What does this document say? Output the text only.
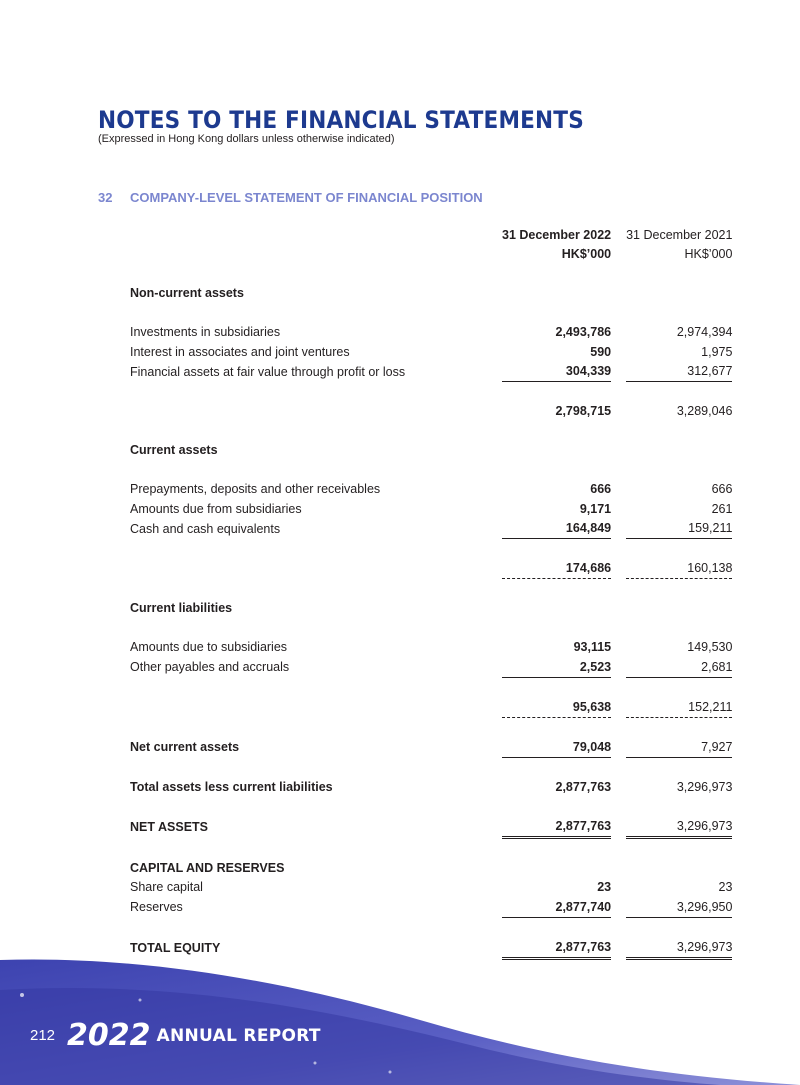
NOTES TO THE FINANCIAL STATEMENTS
(Expressed in Hong Kong dollars unless otherwise indicated)
32 COMPANY-LEVEL STATEMENT OF FINANCIAL POSITION
	31 December 2022		31 December 2021
	HK$’000		HK$’000

Non-current assets			

Investments in subsidiaries	2,493,786		2,974,394
Interest in associates and joint ventures	590		1,975
Financial assets at fair value through profit or loss	304,339		312,677

	2,798,715		3,289,046

Current assets			

Prepayments, deposits and other receivables	666		666
Amounts due from subsidiaries	9,171		261
Cash and cash equivalents	164,849		159,211

	174,686		160,138

Current liabilities			

Amounts due to subsidiaries	93,115		149,530
Other payables and accruals	2,523		2,681

	95,638		152,211

Net current assets	79,048		7,927

Total assets less current liabilities	2,877,763		3,296,973

NET ASSETS	2,877,763		3,296,973

CAPITAL AND RESERVES			
Share capital	23		23
Reserves	2,877,740		3,296,950

TOTAL EQUITY	2,877,763		3,296,973
212 2022 ANNUAL REPORT
